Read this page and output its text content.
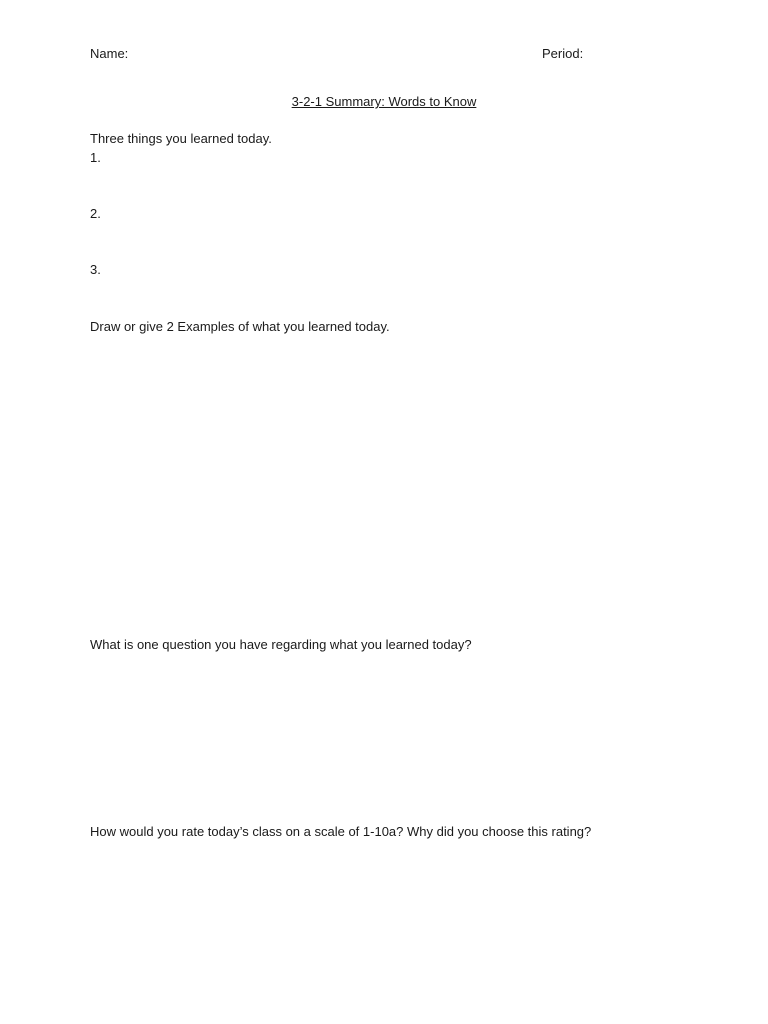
Name:	Period:
3-2-1 Summary: Words to Know
Three things you learned today.
1.
2.
3.
Draw or give 2 Examples of what you learned today.
What is one question you have regarding what you learned today?
How would you rate today’s class on a scale of 1-10a? Why did you choose this rating?
